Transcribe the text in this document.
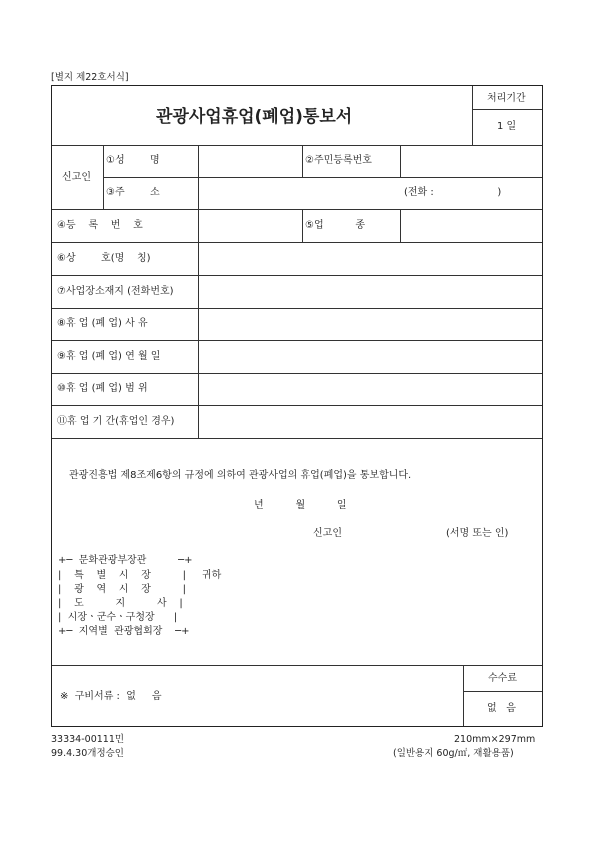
[별지 제22호서식]
관광사업휴업(폐업)통보서
처리기간
1 일
신고인
①성        명	②주민등록번호
③주        소	(전화 :                    )
④등    록    번    호	⑤업          종
⑥상        호(명    칭)
⑦사업장소재지 (전화번호)
⑧휴 업 (폐 업) 사 유
⑨휴 업 (폐 업) 연 월 일
⑩휴 업 (폐 업) 범 위
⑪휴 업 기 간(휴업인 경우)
관광진흥법 제8조제6항의 규정에 의하여 관광사업의 휴업(폐업)을 통보합니다.
년          월          일
신고인	(서명 또는 인)
+─  문화관광부장관          ─+
|    특    별    시    장          |     귀하
|    광    역    시    장          |
|    도          지          사    |
|  시장ㆍ군수ㆍ구청장      |
+─  지역별  관광협회장    ─+
※  구비서류 :  없     음
수수료
없   음
33334-00111민
99.4.30개정승인
210mm×297mm
(일반용지 60g/㎡, 재활용품)
